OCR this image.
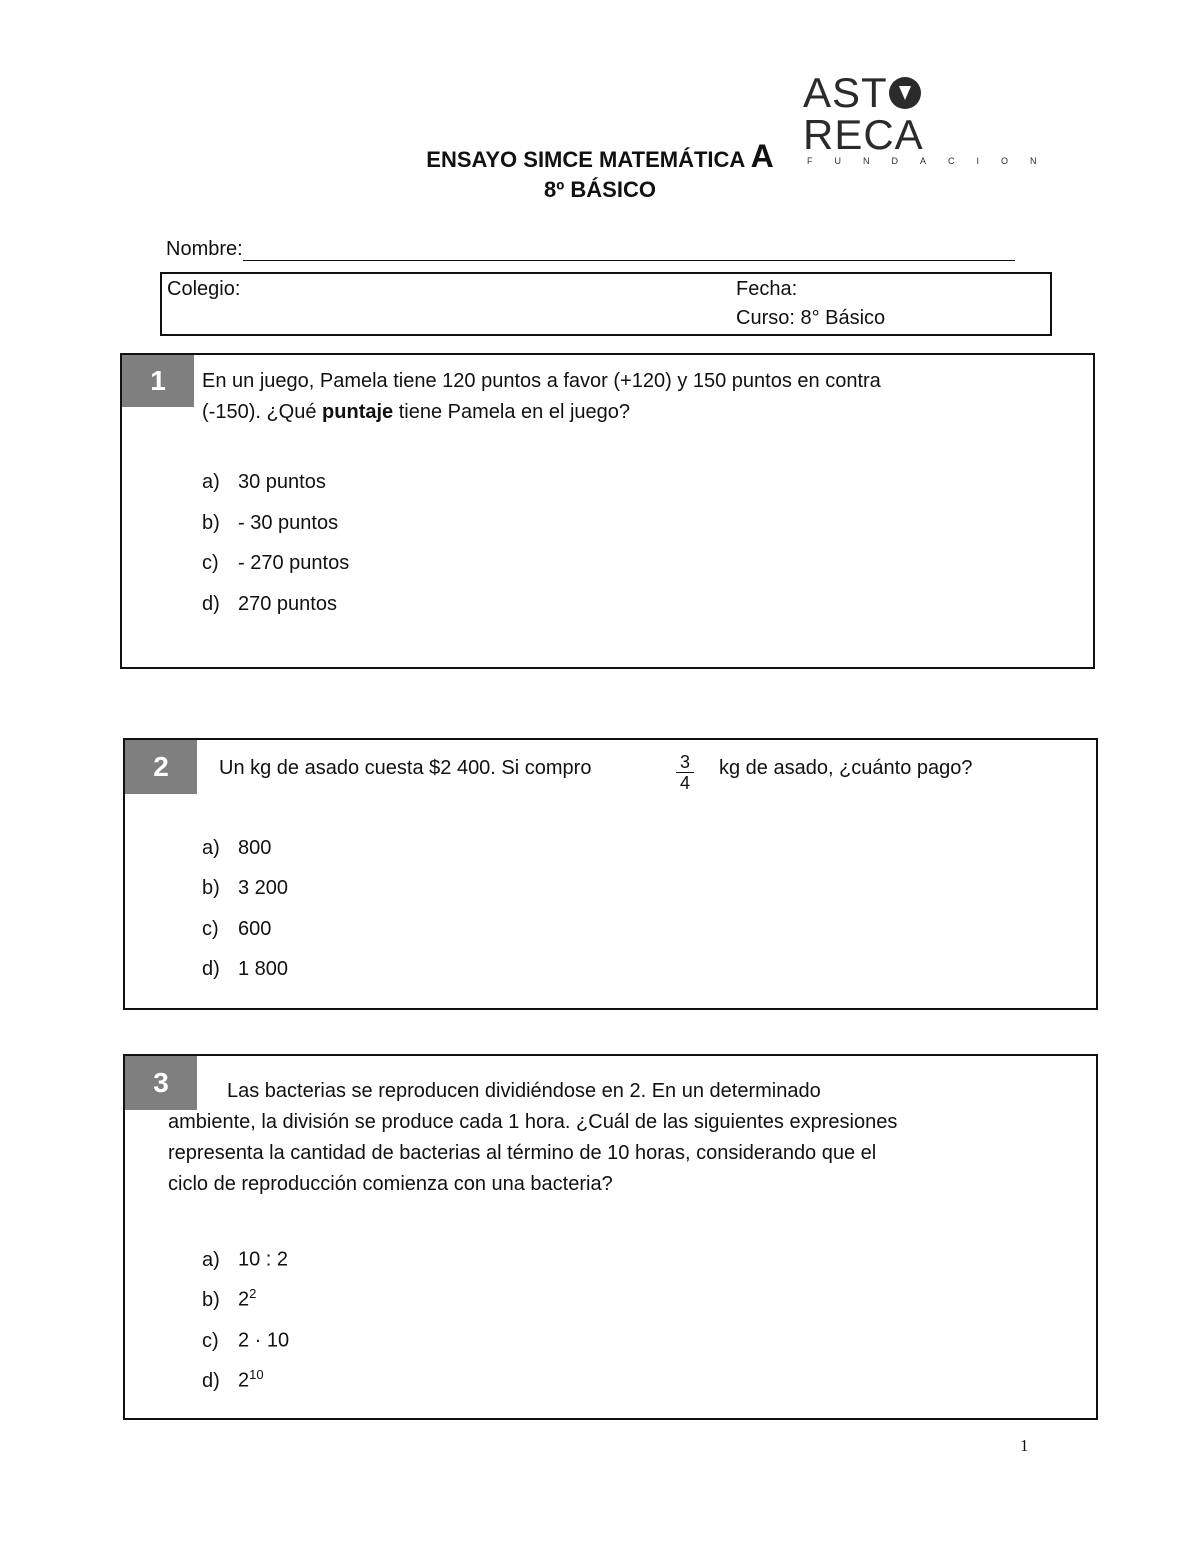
ASTRECA
FUNDACION
ENSAYO SIMCE MATEMÁTICA A
8º BÁSICO
Nombre:
Colegio:	Fecha:
Curso: 8° Básico
1	En un juego, Pamela tiene 120 puntos a favor (+120) y 150 puntos en contra
(-150). ¿Qué puntaje tiene Pamela en el juego?
a) 30 puntos
b) - 30 puntos
c) - 270 puntos
d) 270 puntos
2	Un kg de asado cuesta $2 400. Si compro	$\frac{3}{4}$ kg de asado, ¿cuánto pago?
a) 800
b) 3 200
c) 600
d) 1 800
3	Las bacterias se reproducen dividiéndose en 2. En un determinado
ambiente, la división se produce cada 1 hora. ¿Cuál de las siguientes expresiones
representa la cantidad de bacterias al término de 10 horas, considerando que el
ciclo de reproducción comienza con una bacteria?
a) 10 : 2
b) $2^2$
c) 2 · 10
d) $2^{10}$
1
